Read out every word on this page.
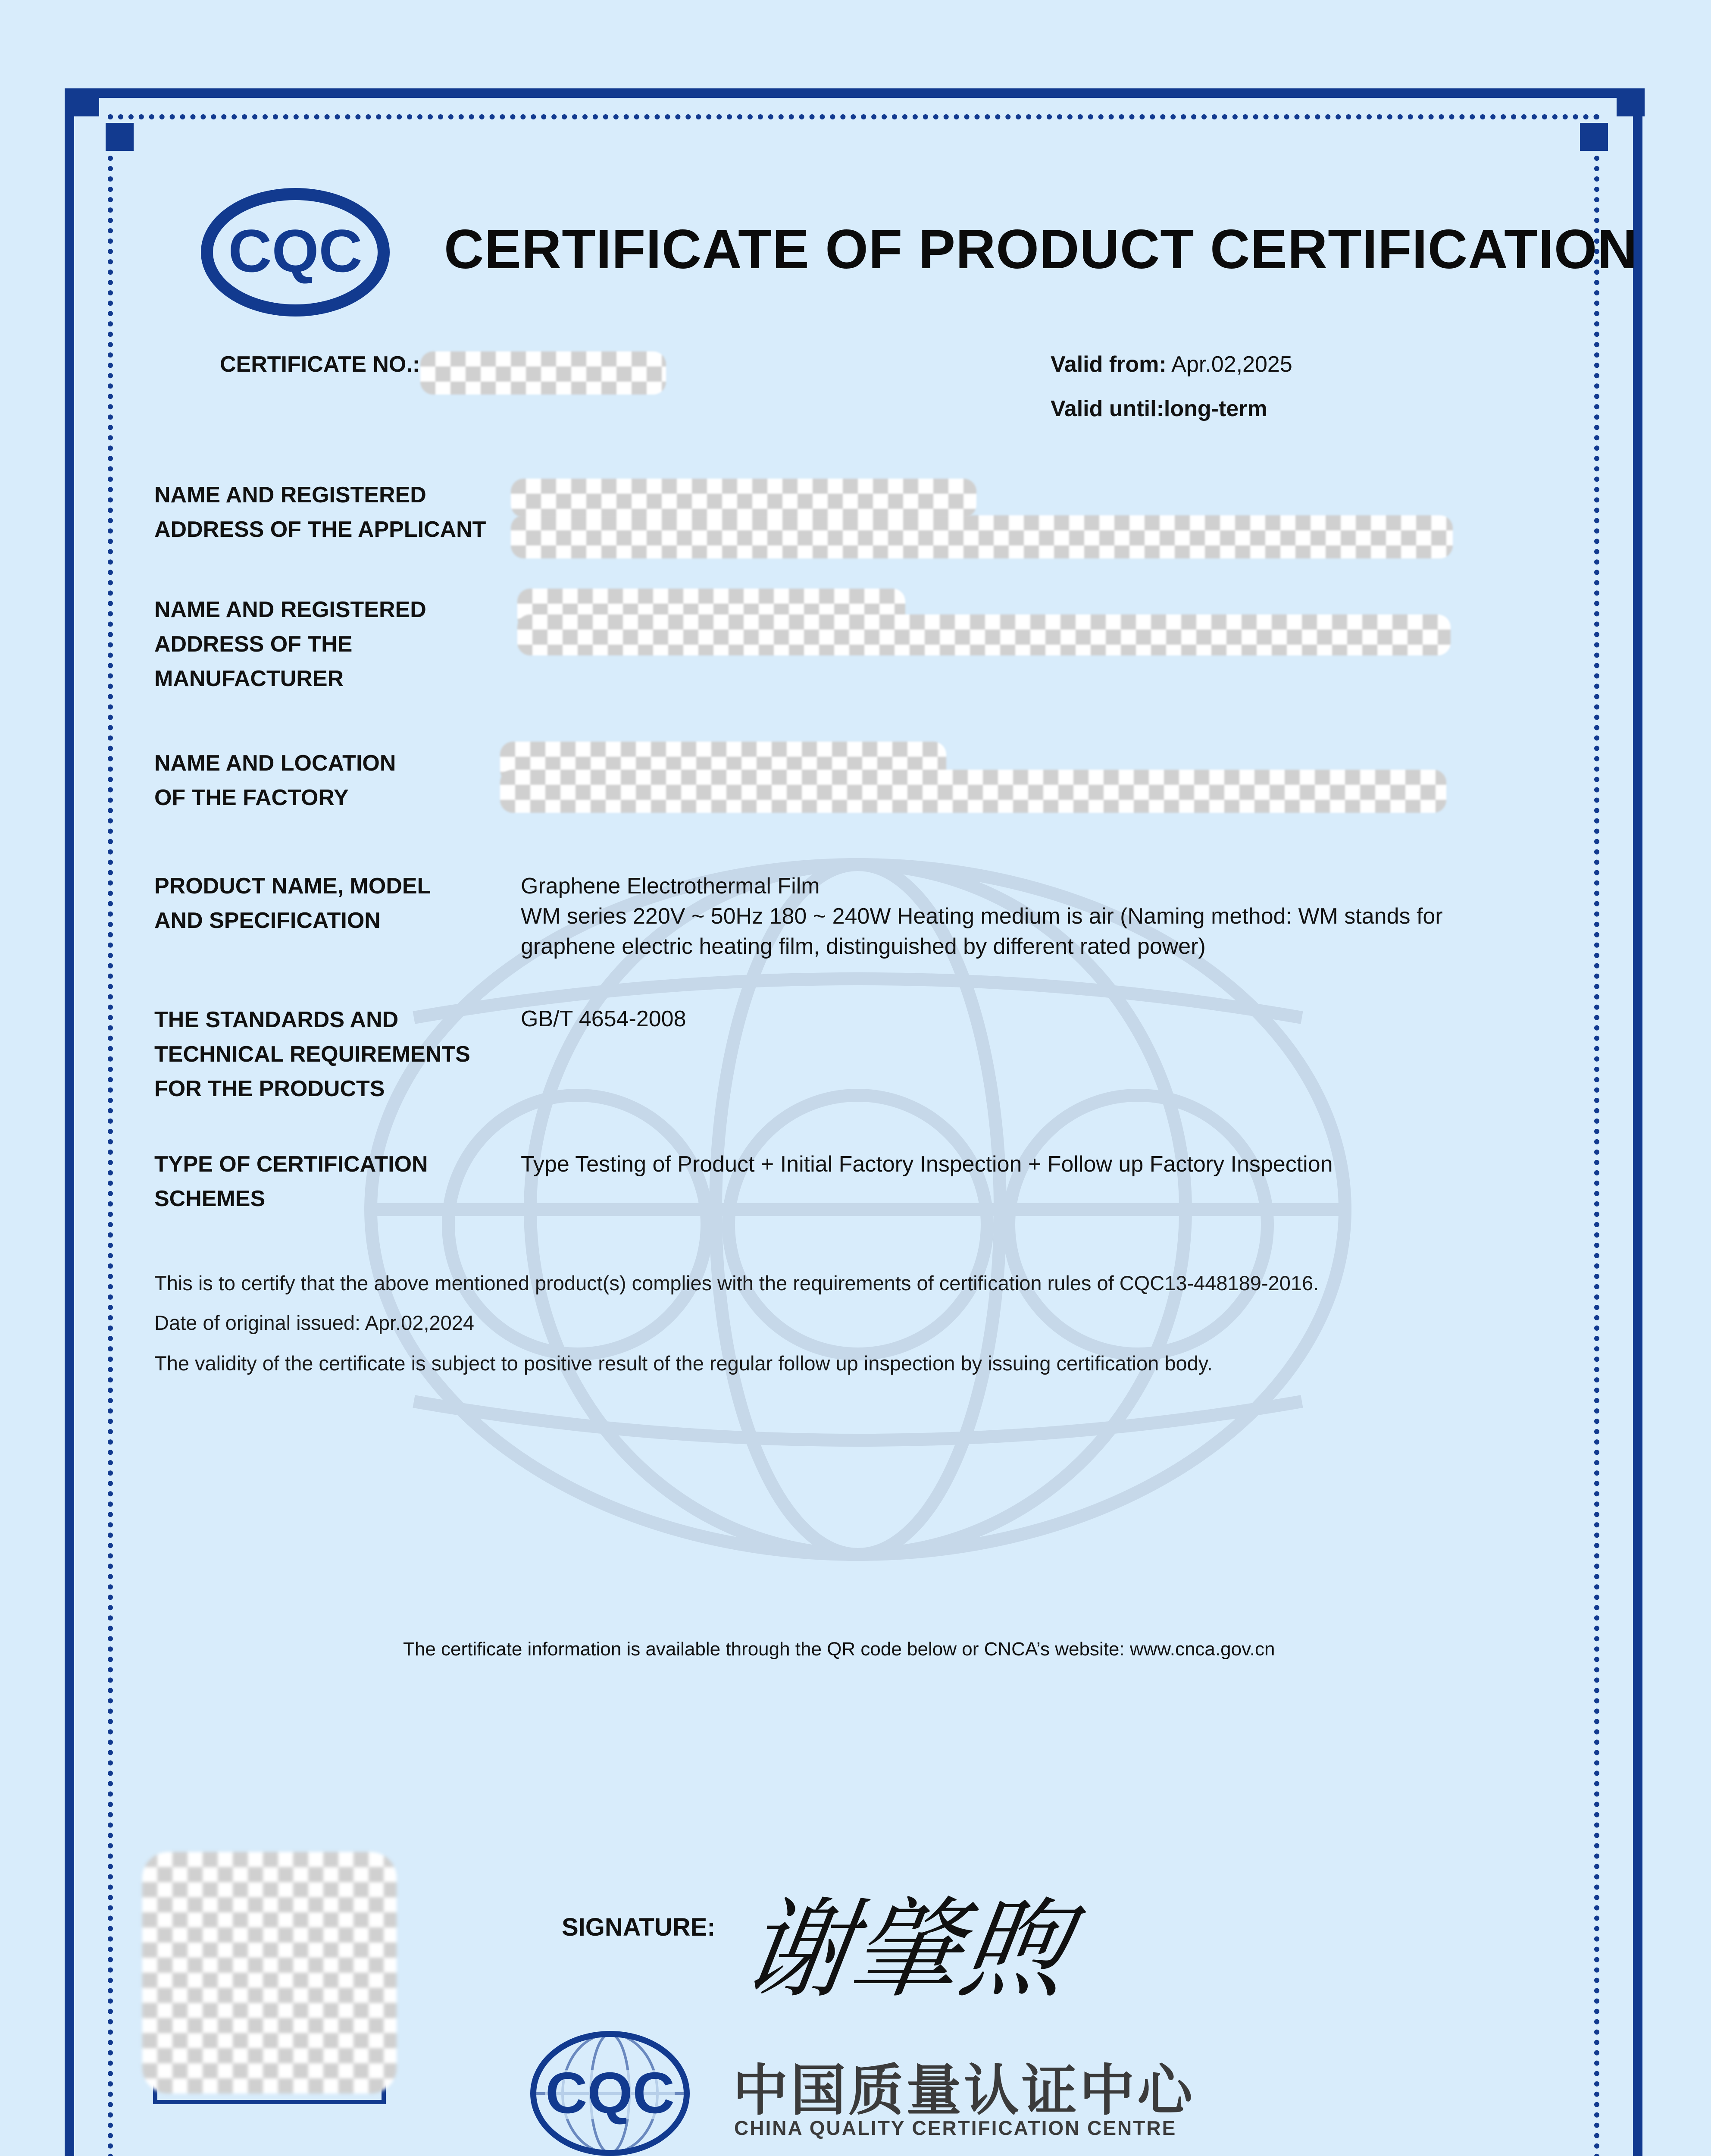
CQC CERTIFICATE OF PRODUCT CERTIFICATION
CERTIFICATE NO.:	Valid from: Apr.02,2025
Valid until:long-term
NAME AND REGISTERED
ADDRESS OF THE APPLICANT
NAME AND REGISTERED
ADDRESS OF THE
MANUFACTURER
NAME AND LOCATION
OF THE FACTORY
PRODUCT NAME, MODEL
AND SPECIFICATION
Graphene Electrothermal Film
WM series 220V ~ 50Hz 180 ~ 240W Heating medium is air (Naming method: WM stands for
graphene electric heating film, distinguished by different rated power)
THE STANDARDS AND
TECHNICAL REQUIREMENTS
FOR THE PRODUCTS
GB/T 4654-2008
TYPE OF CERTIFICATION
SCHEMES
Type Testing of Product + Initial Factory Inspection + Follow up Factory Inspection
This is to certify that the above mentioned product(s) complies with the requirements of certification rules of CQC13-448189-2016.
Date of original issued: Apr.02,2024
The validity of the certificate is subject to positive result of the regular follow up inspection by issuing certification body.
The certificate information is available through the QR code below or CNCA’s website: www.cnca.gov.cn
SIGNATURE: 谢肇煦
CQC 中国质量认证中心
CHINA QUALITY CERTIFICATION CENTRE
